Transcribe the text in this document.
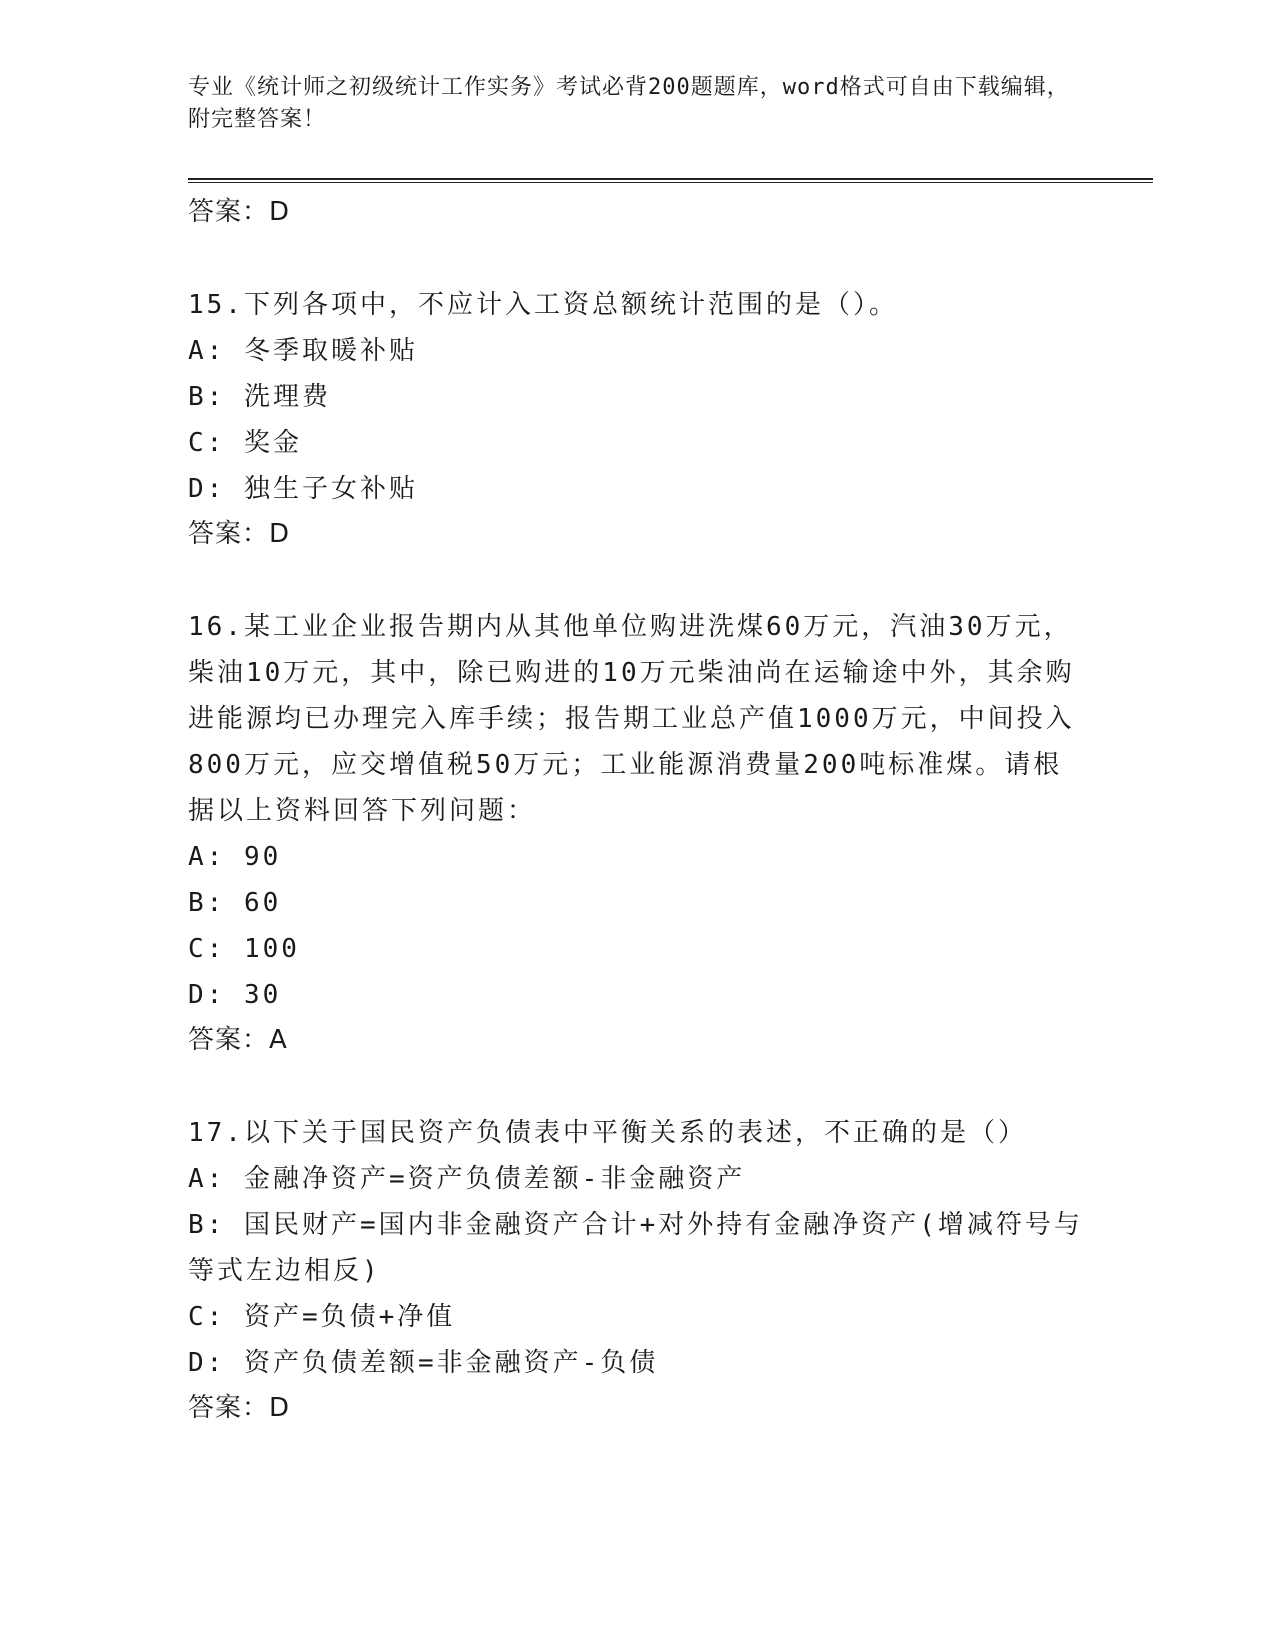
专业《统计师之初级统计工作实务》考试必背200题题库，word格式可自由下载编辑，附完整答案！
答案：D

15.下列各项中，不应计入工资总额统计范围的是（）。

A: 冬季取暖补贴

B: 洗理费

C: 奖金

D: 独生子女补贴

答案：D

16.某工业企业报告期内从其他单位购进洗煤60万元，汽油30万元，柴油10万元，其中，除已购进的10万元柴油尚在运输途中外，其余购进能源均已办理完入库手续；报告期工业总产值1000万元，中间投入800万元，应交增值税50万元；工业能源消费量200吨标准煤。请根据以上资料回答下列问题：

A: 90

B: 60

C: 100

D: 30

答案：A

17.以下关于国民资产负债表中平衡关系的表述，不正确的是（）

A: 金融净资产=资产负债差额-非金融资产

B: 国民财产=国内非金融资产合计+对外持有金融净资产(增减符号与等式左边相反)

C: 资产=负债+净值

D: 资产负债差额=非金融资产-负债

答案：D
